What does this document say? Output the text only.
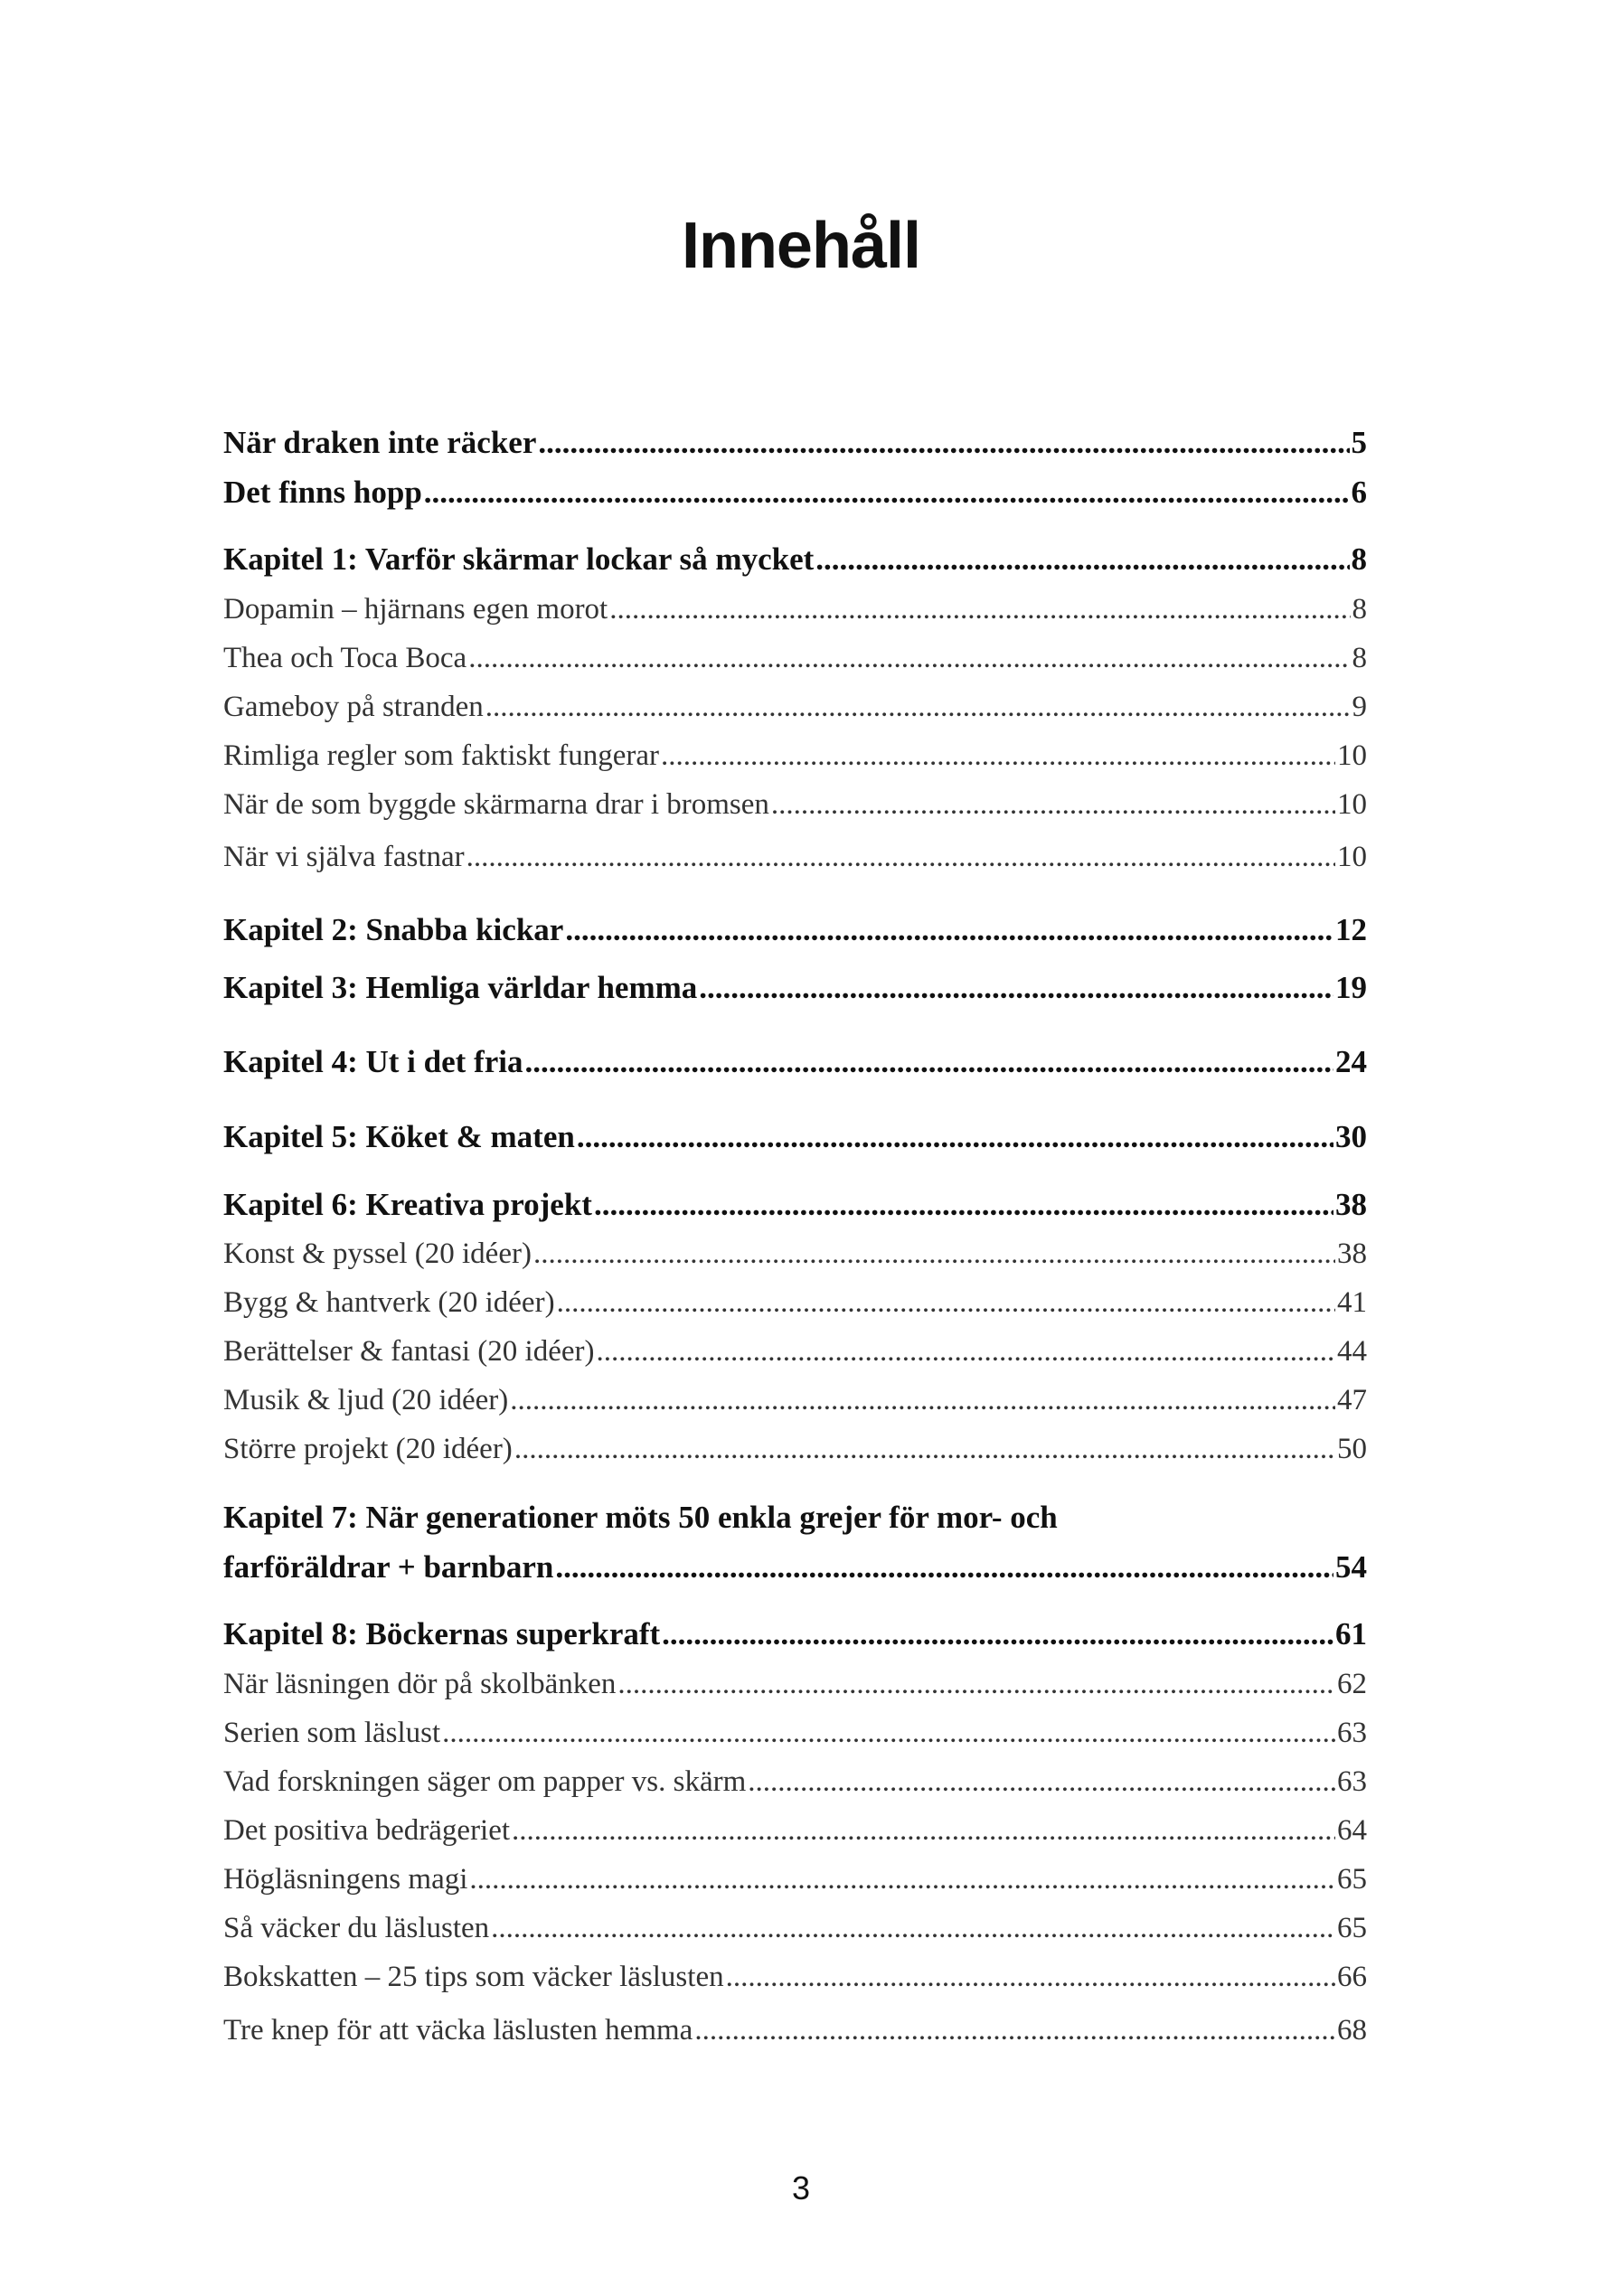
Innehåll
När draken inte räcker .....	5
Det finns hopp .....	6
Kapitel 1: Varför skärmar lockar så mycket .....	8
Dopamin – hjärnans egen morot .....	8
Thea och Toca Boca .....	8
Gameboy på stranden .....	9
Rimliga regler som faktiskt fungerar .....	10
När de som byggde skärmarna drar i bromsen .....	10
När vi själva fastnar .....	10
Kapitel 2: Snabba kickar .....	12
Kapitel 3: Hemliga världar hemma .....	19
Kapitel 4: Ut i det fria .....	24
Kapitel 5: Köket & maten .....	30
Kapitel 6: Kreativa projekt .....	38
Konst & pyssel (20 idéer) .....	38
Bygg & hantverk (20 idéer) .....	41
Berättelser & fantasi (20 idéer) .....	44
Musik & ljud (20 idéer) .....	47
Större projekt (20 idéer) .....	50
Kapitel 7: När generationer möts 50 enkla grejer för mor- och
farföräldrar + barnbarn .....	54
Kapitel 8: Böckernas superkraft .....	61
När läsningen dör på skolbänken .....	62
Serien som läslust .....	63
Vad forskningen säger om papper vs. skärm .....	63
Det positiva bedrägeriet .....	64
Högläsningens magi .....	65
Så väcker du läslusten .....	65
Bokskatten – 25 tips som väcker läslusten .....	66
Tre knep för att väcka läslusten hemma .....	68
3
